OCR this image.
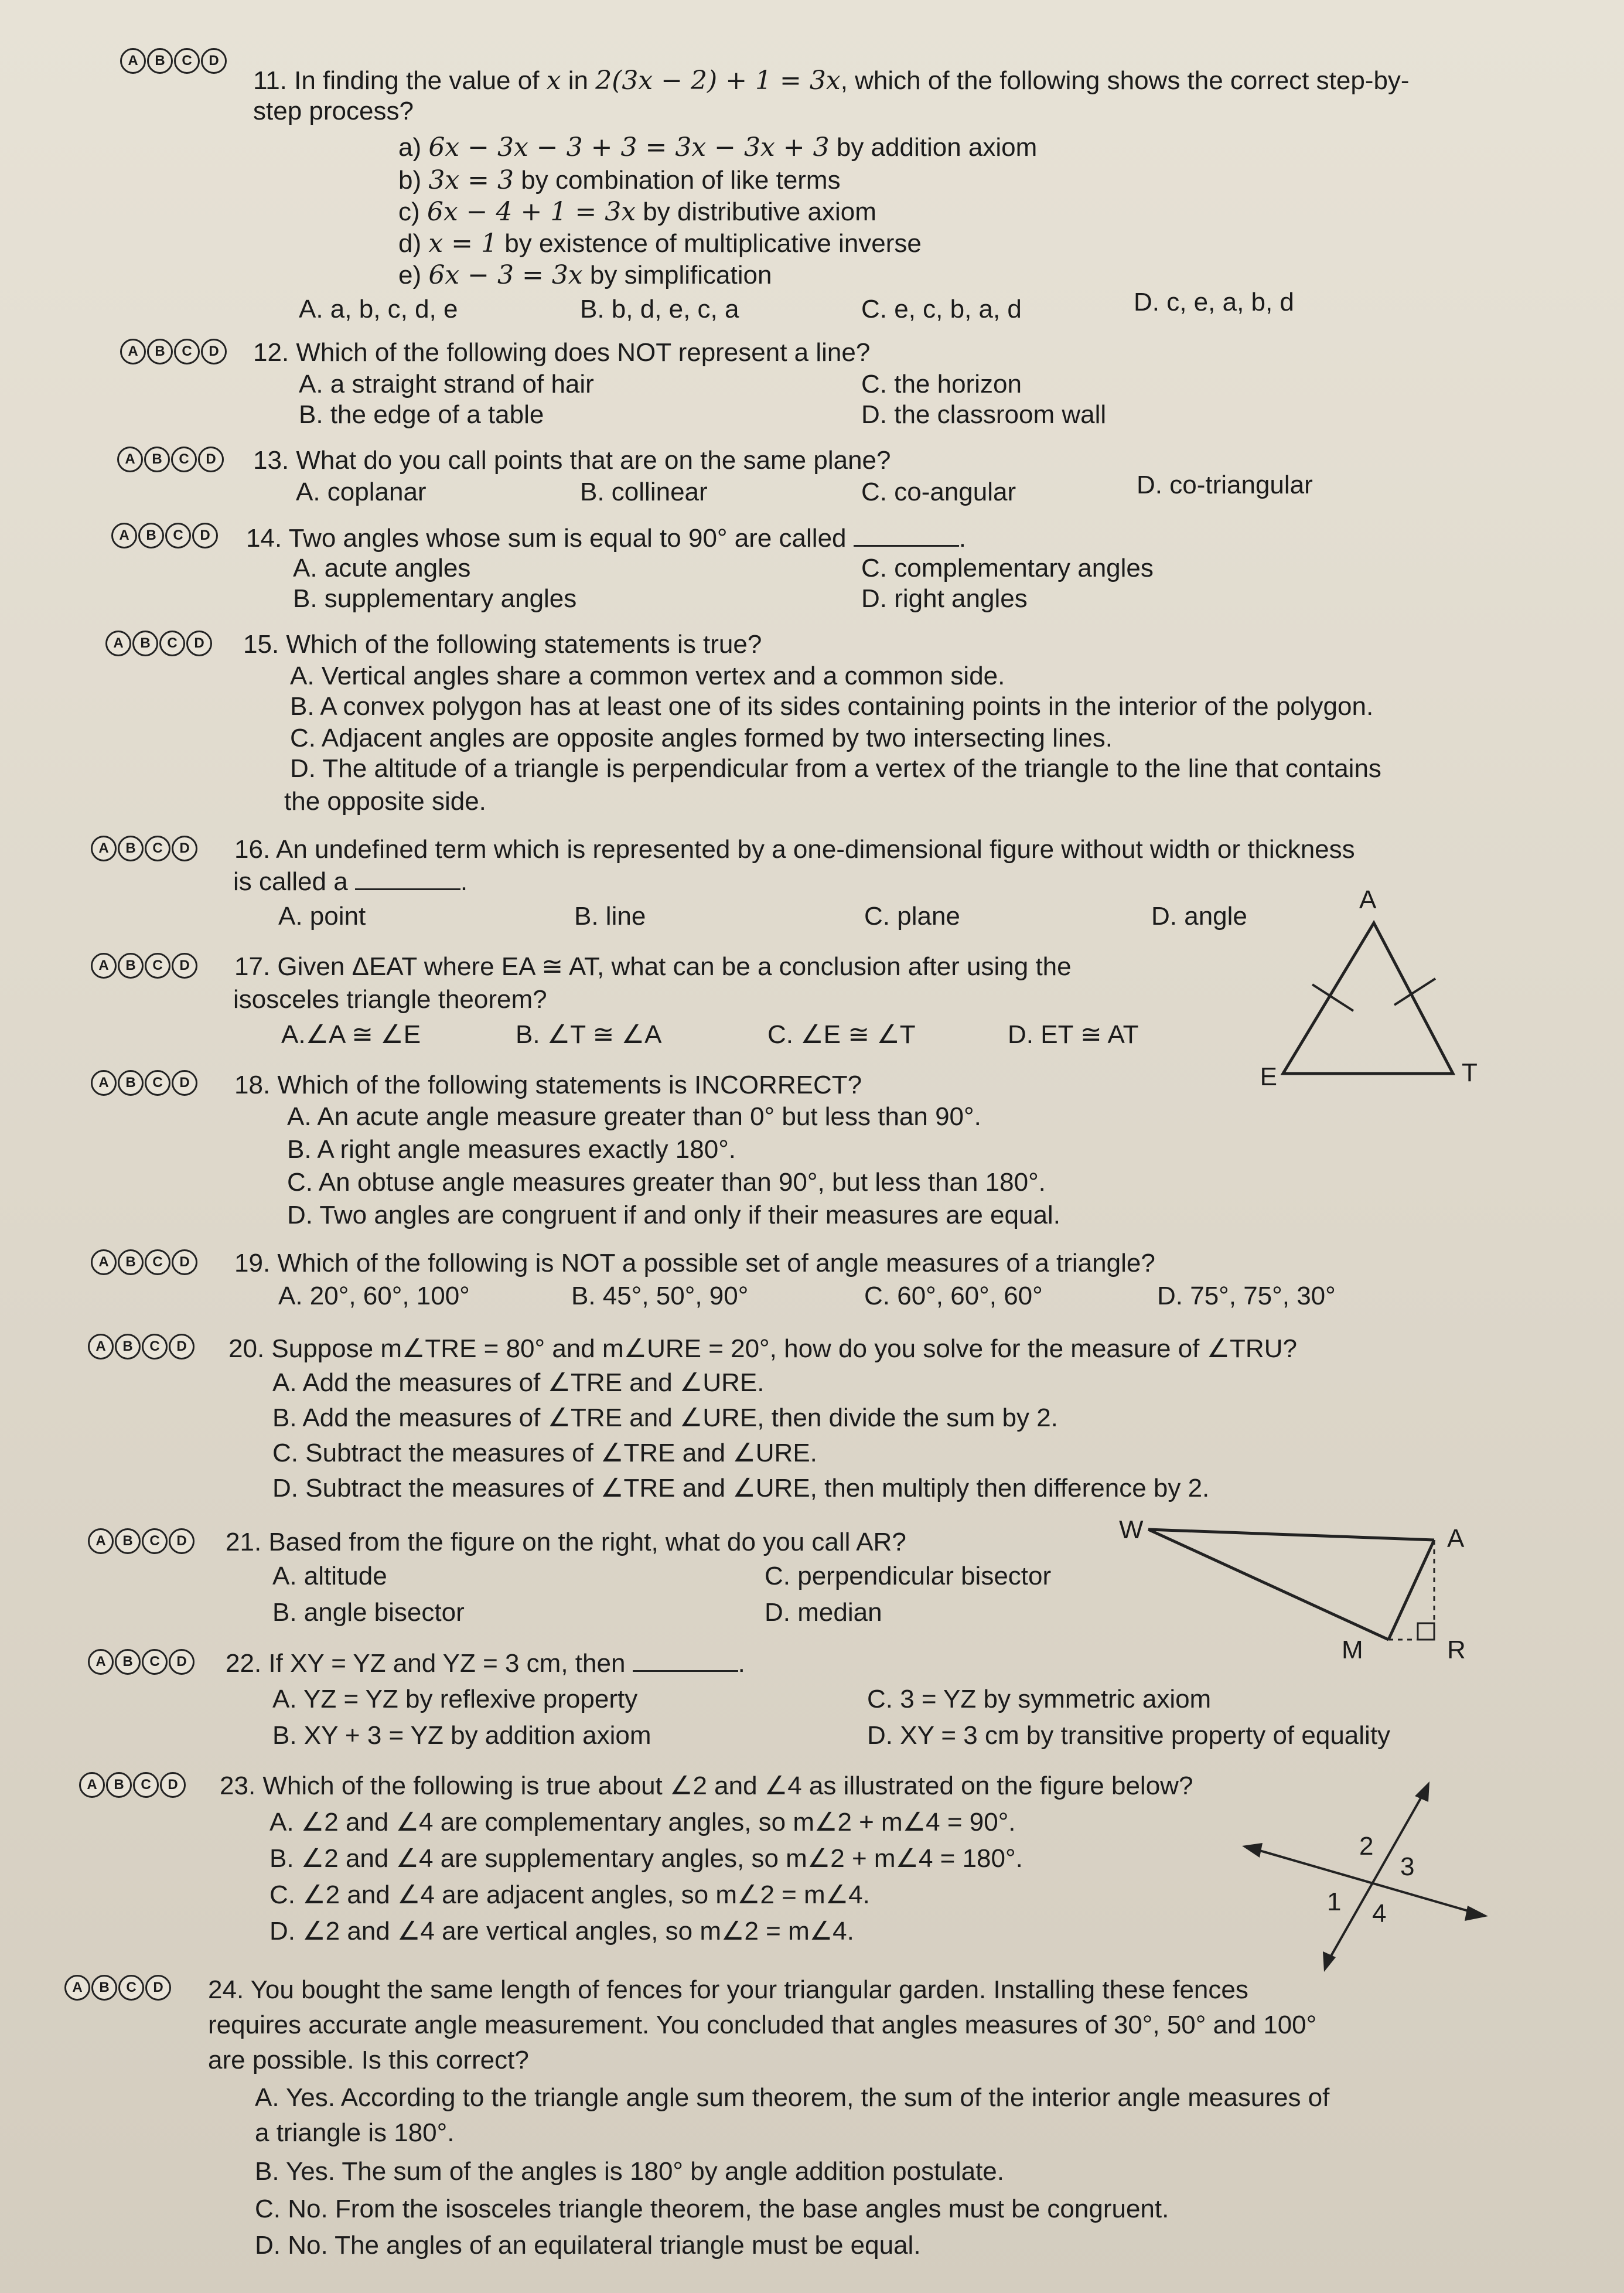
A	B	C	D
11. In finding the value of x in 2(3x − 2) + 1 = 3x, which of the following shows the correct step-by-
step process?
a) 6x − 3x − 3 + 3 = 3x − 3x + 3 by addition axiom
b) 3x = 3 by combination of like terms
c) 6x − 4 + 1 = 3x by distributive axiom
d) x = 1 by existence of multiplicative inverse
e) 6x − 3 = 3x by simplification
A. a, b, c, d, e	B. b, d, e, c, a	C. e, c, b, a, d	D. c, e, a, b, d
A	B	C	D	12. Which of the following does NOT represent a line?
A. a straight strand of hair	C. the horizon
B. the edge of a table	D. the classroom wall
A	B	C	D	13. What do you call points that are on the same plane?
A. coplanar	B. collinear	C. co-angular	D. co-triangular
A	B	C	D	14. Two angles whose sum is equal to 90° are called	.
A. acute angles	C. complementary angles
B. supplementary angles	D. right angles
A	B	C	D	15. Which of the following statements is true?
A. Vertical angles share a common vertex and a common side.
B. A convex polygon has at least one of its sides containing points in the interior of the polygon.
C. Adjacent angles are opposite angles formed by two intersecting lines.
D. The altitude of a triangle is perpendicular from a vertex of the triangle to the line that contains
the opposite side.
A	B	C	D	16. An undefined term which is represented by a one-dimensional figure without width or thickness
is called a	.
A. point	B. line	C. plane	D. angle
A
E	T
A	B	C	D	17. Given ΔEAT where EA ≅ AT, what can be a conclusion after using the
isosceles triangle theorem?
A.∠A ≅ ∠E	B. ∠T ≅ ∠A	C. ∠E ≅ ∠T	D. ET ≅ AT
A	B	C	D	18. Which of the following statements is INCORRECT?
A. An acute angle measure greater than 0° but less than 90°.
B. A right angle measures exactly 180°.
C. An obtuse angle measures greater than 90°, but less than 180°.
D. Two angles are congruent if and only if their measures are equal.
A	B	C	D	19. Which of the following is NOT a possible set of angle measures of a triangle?
A. 20°, 60°, 100°	B. 45°, 50°, 90°	C. 60°, 60°, 60°	D. 75°, 75°, 30°
A	B	C	D	20. Suppose m∠TRE = 80° and m∠URE = 20°, how do you solve for the measure of ∠TRU?
A. Add the measures of ∠TRE and ∠URE.
B. Add the measures of ∠TRE and ∠URE, then divide the sum by 2.
C. Subtract the measures of ∠TRE and ∠URE.
D. Subtract the measures of ∠TRE and ∠URE, then multiply then difference by 2.
A	B	C	D	21. Based from the figure on the right, what do you call AR?
A. altitude	C. perpendicular bisector
B. angle bisector	D. median
W	A
M	R
A	B	C	D	22. If XY = YZ and YZ = 3 cm, then	.
A. YZ = YZ by reflexive property	C. 3 = YZ by symmetric axiom
B. XY + 3 = YZ by addition axiom	D. XY = 3 cm by transitive property of equality
A	B	C	D	23. Which of the following is true about ∠2 and ∠4 as illustrated on the figure below?
A. ∠2 and ∠4 are complementary angles, so m∠2 + m∠4 = 90°.
B. ∠2 and ∠4 are supplementary angles, so m∠2 + m∠4 = 180°.
C. ∠2 and ∠4 are adjacent angles, so m∠2 = m∠4.
D. ∠2 and ∠4 are vertical angles, so m∠2 = m∠4.
2
3
1 4
A	B	C	D	24. You bought the same length of fences for your triangular garden. Installing these fences
requires accurate angle measurement. You concluded that angles measures of 30°, 50° and 100°
are possible. Is this correct?
A. Yes. According to the triangle angle sum theorem, the sum of the interior angle measures of
a triangle is 180°.
B. Yes. The sum of the angles is 180° by angle addition postulate.
C. No. From the isosceles triangle theorem, the base angles must be congruent.
D. No. The angles of an equilateral triangle must be equal.
